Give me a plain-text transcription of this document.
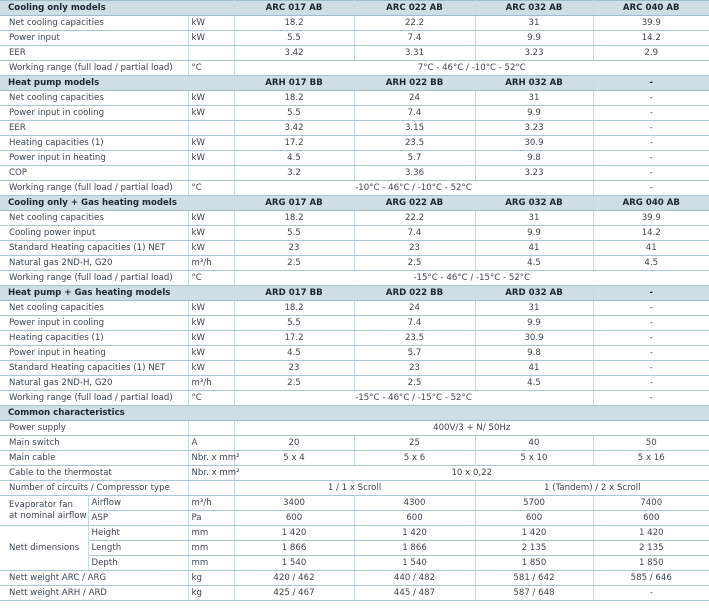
Cooling only models			ARC 017 AB	ARC 022 AB	ARC 032 AB	ARC 040 AB
Net cooling capacities		kW	18.2	22.2	31	39.9
Power input		kW	5.5	7.4	9.9	14.2
EER			3.42	3.31	3.23	2.9
Working range (full load / partial load)		°C	7°C - 46°C / -10°C - 52°C			
Heat pump models			ARH 017 BB	ARH 022 BB	ARH 032 AB	-
Net cooling capacities		kW	18.2	24	31	-
Power input in cooling		kW	5.5	7.4	9.9	-
EER			3.42	3.15	3.23	-
Heating capacities (1)		kW	17.2	23.5	30.9	-
Power input in heating		kW	4.5	5.7	9.8	-
COP			3.2	3.36	3.23	-
Working range (full load / partial load)		°C	-10°C - 46°C / -10°C - 52°C			-
Cooling only + Gas heating models			ARG 017 AB	ARG 022 AB	ARG 032 AB	ARG 040 AB
Net cooling capacities		kW	18.2	22.2	31	39.9
Cooling power input		kW	5.5	7.4	9.9	14.2
Standard Heating capacities (1) NET		kW	23	23	41	41
Natural gas 2ND-H, G20		m³/h	2.5	2.5	4.5	4.5
Working range (full load / partial load)		°C	-15°C - 46°C / -15°C - 52°C			
Heat pump + Gas heating models			ARD 017 BB	ARD 022 BB	ARD 032 AB	-
Net cooling capacities		kW	18.2	24	31	-
Power input in cooling		kW	5.5	7.4	9.9	-
Heating capacities (1)		kW	17.2	23.5	30.9	-
Power input in heating		kW	4.5	5.7	9.8	-
Standard Heating capacities (1) NET		kW	23	23	41	-
Natural gas 2ND-H, G20		m³/h	2.5	2.5	4.5	-
Working range (full load / partial load)		°C	-15°C - 46°C / -15°C - 52°C			-
Common characteristics						
Power supply			400V/3 + N/ 50Hz			
Main switch		A	20	25	40	50
Main cable		Nbr. x mm²	5 x 4	5 x 6	5 x 10	5 x 16
Cable to the thermostat		Nbr. x mm²	10 x 0,22			
Number of circuits / Compressor type			1 / 1 x Scroll		1 (Tandem) / 2 x Scroll	

Evaporator fan
at nominal airflow	Airflow	m³/h	3400	4300	5700	7400
	ASP	Pa	600	600	600	600
Nett dimensions	Height	mm	1 420	1 420	1 420	1 420
	Length	mm	1 866	1 866	2 135	2 135
	Depth	mm	1 540	1 540	1 850	1 850
Nett weight ARC / ARG		kg	420 / 462	440 / 482	581 / 642	585 / 646
Nett weight ARH / ARD		kg	425 / 467	445 / 487	587 / 648	-
